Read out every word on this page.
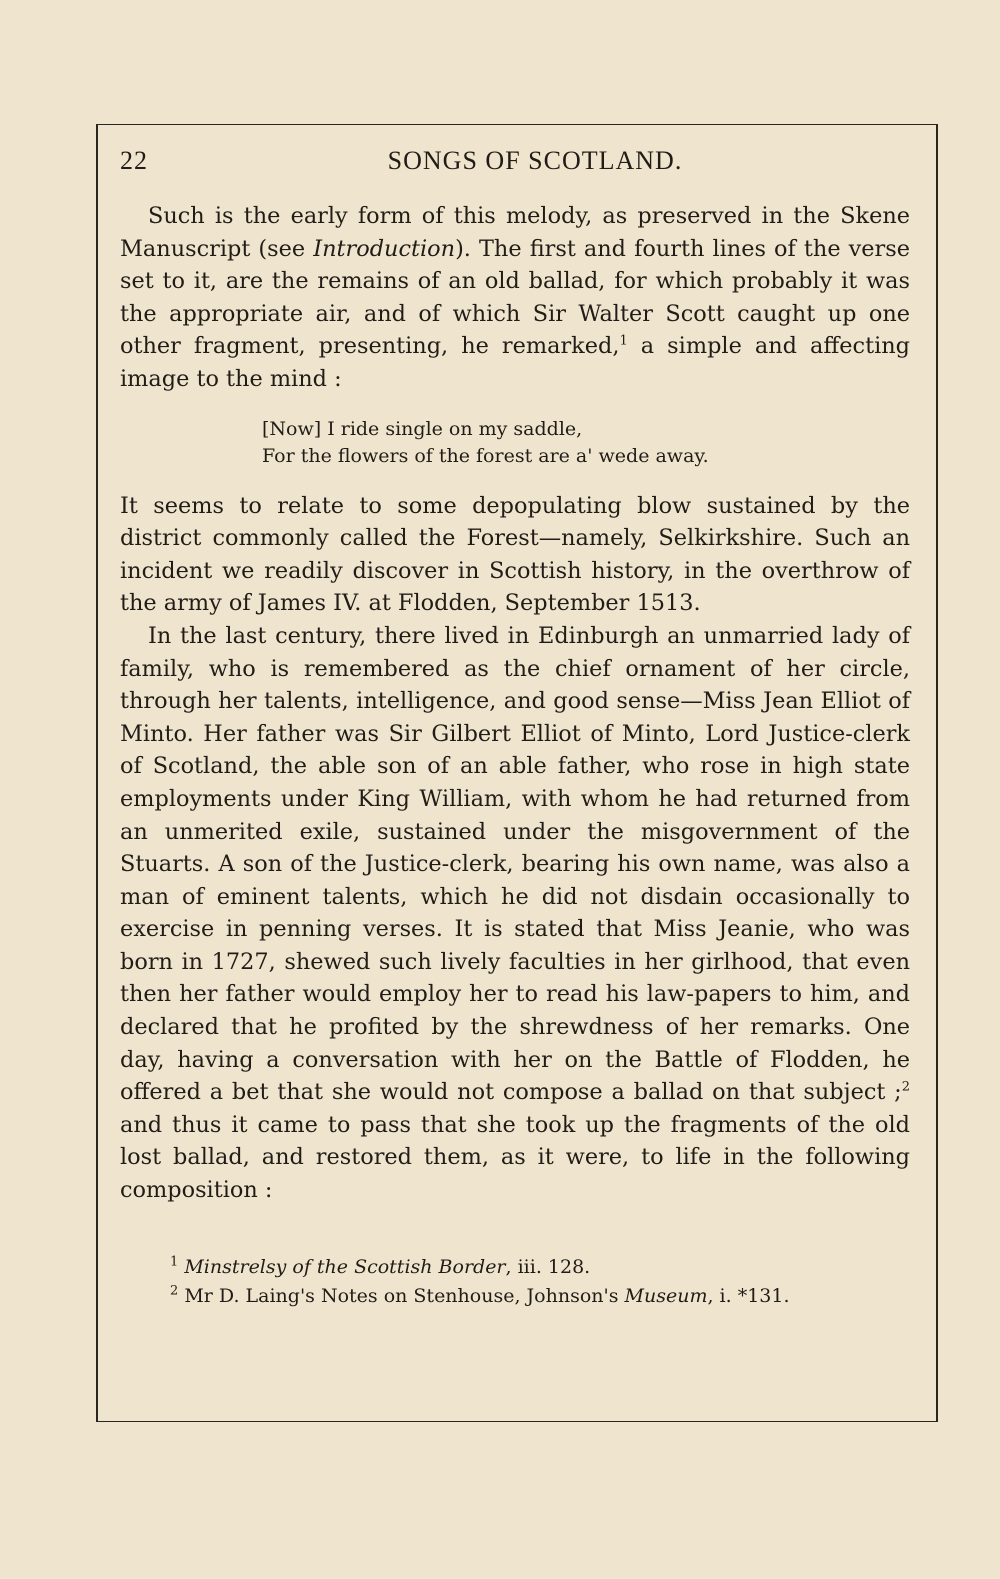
22	SONGS OF SCOTLAND.

Such is the early form of this melody, as preserved in the Skene Manuscript (see Introduction). The first and fourth lines of the verse set to it, are the remains of an old ballad, for which probably it was the appropriate air, and of which Sir Walter Scott caught up one other fragment, presenting, he remarked,$^1$ a simple and affecting image to the mind :

[Now] I ride single on my saddle,
For the flowers of the forest are a' wede away.

It seems to relate to some depopulating blow sustained by the district commonly called the Forest—namely, Selkirkshire. Such an incident we readily discover in Scottish history, in the overthrow of the army of James IV. at Flodden, September 1513.

In the last century, there lived in Edinburgh an unmarried lady of family, who is remembered as the chief ornament of her circle, through her talents, intelligence, and good sense—Miss Jean Elliot of Minto. Her father was Sir Gilbert Elliot of Minto, Lord Justice-clerk of Scotland, the able son of an able father, who rose in high state employments under King William, with whom he had returned from an unmerited exile, sustained under the misgovernment of the Stuarts. A son of the Justice-clerk, bearing his own name, was also a man of eminent talents, which he did not disdain occasionally to exercise in penning verses. It is stated that Miss Jeanie, who was born in 1727, shewed such lively faculties in her girlhood, that even then her father would employ her to read his law-papers to him, and declared that he profited by the shrewdness of her remarks. One day, having a conversation with her on the Battle of Flodden, he offered a bet that she would not compose a ballad on that subject ;$^2$ and thus it came to pass that she took up the fragments of the old lost ballad, and restored them, as it were, to life in the following composition :

$^1$ Minstrelsy of the Scottish Border, iii. 128.
$^2$ Mr D. Laing's Notes on Stenhouse, Johnson's Museum, i. *131.
